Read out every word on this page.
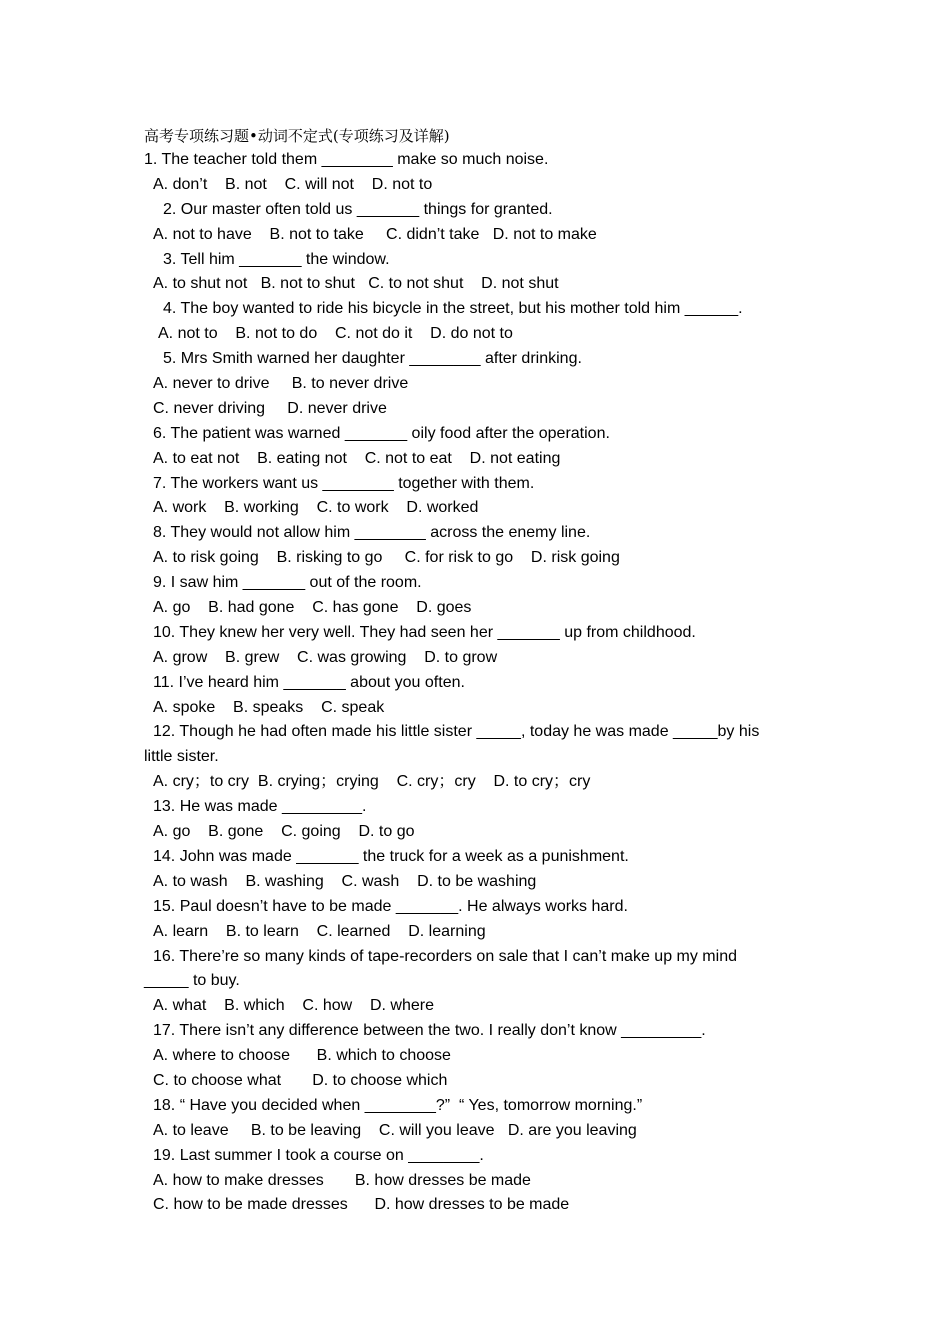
高考专项练习题•动词不定式(专项练习及详解)
1. The teacher told them ________ make so much noise.
A. don’t    B. not    C. will not    D. not to
2. Our master often told us _______ things for granted.
A. not to have    B. not to take     C. didn’t take   D. not to make
3. Tell him _______ the window.
A. to shut not   B. not to shut   C. to not shut    D. not shut
4. The boy wanted to ride his bicycle in the street, but his mother told him ______.
A. not to    B. not to do    C. not do it    D. do not to
5. Mrs Smith warned her daughter ________ after drinking.
A. never to drive     B. to never drive
C. never driving     D. never drive
6. The patient was warned _______ oily food after the operation.
A. to eat not    B. eating not    C. not to eat    D. not eating
7. The workers want us ________ together with them.
A. work    B. working    C. to work    D. worked
8. They would not allow him ________ across the enemy line.
A. to risk going    B. risking to go     C. for risk to go    D. risk going
9. I saw him _______ out of the room.
A. go    B. had gone    C. has gone    D. goes
10. They knew her very well. They had seen her _______ up from childhood.
A. grow    B. grew    C. was growing    D. to grow
11. I’ve heard him _______ about you often.
A. spoke    B. speaks    C. speak
12. Though he had often made his little sister _____, today he was made _____by his
little sister.
A. cry；to cry  B. crying；crying    C. cry；cry    D. to cry；cry
13. He was made _________.
A. go    B. gone    C. going    D. to go
14. John was made _______ the truck for a week as a punishment.
A. to wash    B. washing    C. wash    D. to be washing
15. Paul doesn’t have to be made _______. He always works hard.
A. learn    B. to learn    C. learned    D. learning
16. There’re so many kinds of tape-recorders on sale that I can’t make up my mind
_____ to buy.
A. what    B. which    C. how    D. where
17. There isn’t any difference between the two. I really don’t know _________.
A. where to choose      B. which to choose
C. to choose what       D. to choose which
18. “ Have you decided when ________?”  “ Yes, tomorrow morning.”
A. to leave     B. to be leaving    C. will you leave   D. are you leaving
19. Last summer I took a course on ________.
A. how to make dresses       B. how dresses be made
C. how to be made dresses      D. how dresses to be made
